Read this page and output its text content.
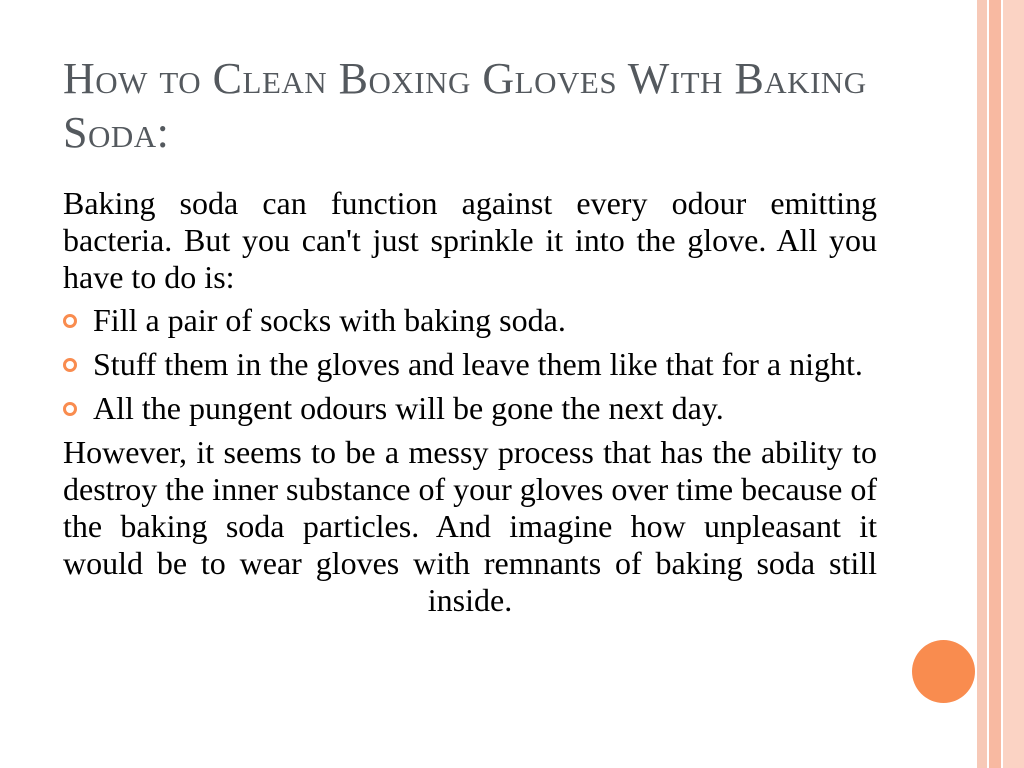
How to Clean Boxing Gloves With Baking Soda:

Baking soda can function against every odour emitting bacteria. But you can't just sprinkle it into the glove. All you have to do is:

Fill a pair of socks with baking soda.
Stuff them in the gloves and leave them like that for a night.
All the pungent odours will be gone the next day.

However, it seems to be a messy process that has the ability to destroy the inner substance of your gloves over time because of the baking soda particles. And imagine how unpleasant it would be to wear gloves with remnants of baking soda still inside.
